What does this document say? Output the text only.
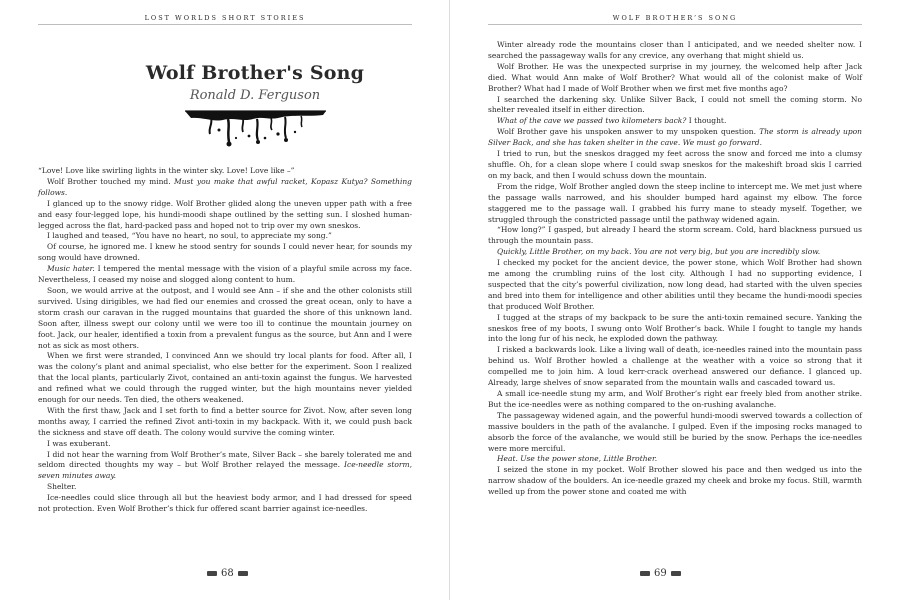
LOST WORLDS SHORT STORIES
Wolf Brother's Song
Ronald D. Ferguson

“Love! Love like swirling lights in the winter sky. Love! Love like –”

Wolf Brother touched my mind. Must you make that awful racket, Kopasz Kutya? Something follows.

I glanced up to the snowy ridge. Wolf Brother glided along the uneven upper path with a free and easy four-legged lope, his hundi-moodi shape outlined by the setting sun. I sloshed human-legged across the flat, hard-packed pass and hoped not to trip over my own sneskos.

I laughed and teased, “You have no heart, no soul, to appreciate my song.”

Of course, he ignored me. I knew he stood sentry for sounds I could never hear, for sounds my song would have drowned.

Music hater. I tempered the mental message with the vision of a playful smile across my face. Nevertheless, I ceased my noise and slogged along content to hum.

Soon, we would arrive at the outpost, and I would see Ann – if she and the other colonists still survived. Using dirigibles, we had fled our enemies and crossed the great ocean, only to have a storm crash our caravan in the rugged mountains that guarded the shore of this unknown land. Soon after, illness swept our colony until we were too ill to continue the mountain journey on foot. Jack, our healer, identified a toxin from a prevalent fungus as the source, but Ann and I were not as sick as most others.

When we first were stranded, I convinced Ann we should try local plants for food. After all, I was the colony’s plant and animal specialist, who else better for the experiment. Soon I realized that the local plants, particularly Zivot, contained an anti-toxin against the fungus. We harvested and refined what we could through the rugged winter, but the high mountains never yielded enough for our needs. Ten died, the others weakened.

With the first thaw, Jack and I set forth to find a better source for Zivot. Now, after seven long months away, I carried the refined Zivot anti-toxin in my backpack. With it, we could push back the sickness and stave off death. The colony would survive the coming winter.

I was exuberant.

I did not hear the warning from Wolf Brother’s mate, Silver Back – she barely tolerated me and seldom directed thoughts my way – but Wolf Brother relayed the message. Ice-needle storm, seven minutes away.

Shelter.

Ice-needles could slice through all but the heaviest body armor, and I had dressed for speed not protection. Even Wolf Brother’s thick fur offered scant barrier against ice-needles.

68
WOLF BROTHER’S SONG

Winter already rode the mountains closer than I anticipated, and we needed shelter now. I searched the passageway walls for any crevice, any overhang that might shield us.

Wolf Brother. He was the unexpected surprise in my journey, the welcomed help after Jack died. What would Ann make of Wolf Brother? What would all of the colonist make of Wolf Brother? What had I made of Wolf Brother when we first met five months ago?

I searched the darkening sky. Unlike Silver Back, I could not smell the coming storm. No shelter revealed itself in either direction.

What of the cave we passed two kilometers back? I thought.

Wolf Brother gave his unspoken answer to my unspoken question. The storm is already upon Silver Back, and she has taken shelter in the cave. We must go forward.

I tried to run, but the sneskos dragged my feet across the snow and forced me into a clumsy shuffle. Oh, for a clean slope where I could swap sneskos for the makeshift broad skis I carried on my back, and then I would schuss down the mountain.

From the ridge, Wolf Brother angled down the steep incline to intercept me. We met just where the passage walls narrowed, and his shoulder bumped hard against my elbow. The force staggered me to the passage wall. I grabbed his furry mane to steady myself. Together, we struggled through the constricted passage until the pathway widened again.

“How long?” I gasped, but already I heard the storm scream. Cold, hard blackness pursued us through the mountain pass.

Quickly, Little Brother, on my back. You are not very big, but you are incredibly slow.

I checked my pocket for the ancient device, the power stone, which Wolf Brother had shown me among the crumbling ruins of the lost city. Although I had no supporting evidence, I suspected that the city’s powerful civilization, now long dead, had started with the ulven species and bred into them for intelligence and other abilities until they became the hundi-moodi species that produced Wolf Brother.

I tugged at the straps of my backpack to be sure the anti-toxin remained secure. Yanking the sneskos free of my boots, I swung onto Wolf Brother’s back. While I fought to tangle my hands into the long fur of his neck, he exploded down the pathway.

I risked a backwards look. Like a living wall of death, ice-needles rained into the mountain pass behind us. Wolf Brother howled a challenge at the weather with a voice so strong that it compelled me to join him. A loud kerr-crack overhead answered our defiance. I glanced up. Already, large shelves of snow separated from the mountain walls and cascaded toward us.

A small ice-needle stung my arm, and Wolf Brother’s right ear freely bled from another strike. But the ice-needles were as nothing compared to the on-rushing avalanche.

The passageway widened again, and the powerful hundi-moodi swerved towards a collection of massive boulders in the path of the avalanche. I gulped. Even if the imposing rocks managed to absorb the force of the avalanche, we would still be buried by the snow. Perhaps the ice-needles were more merciful.

Heat. Use the power stone, Little Brother.

I seized the stone in my pocket. Wolf Brother slowed his pace and then wedged us into the narrow shadow of the boulders. An ice-needle grazed my cheek and broke my focus. Still, warmth welled up from the power stone and coated me with

69
